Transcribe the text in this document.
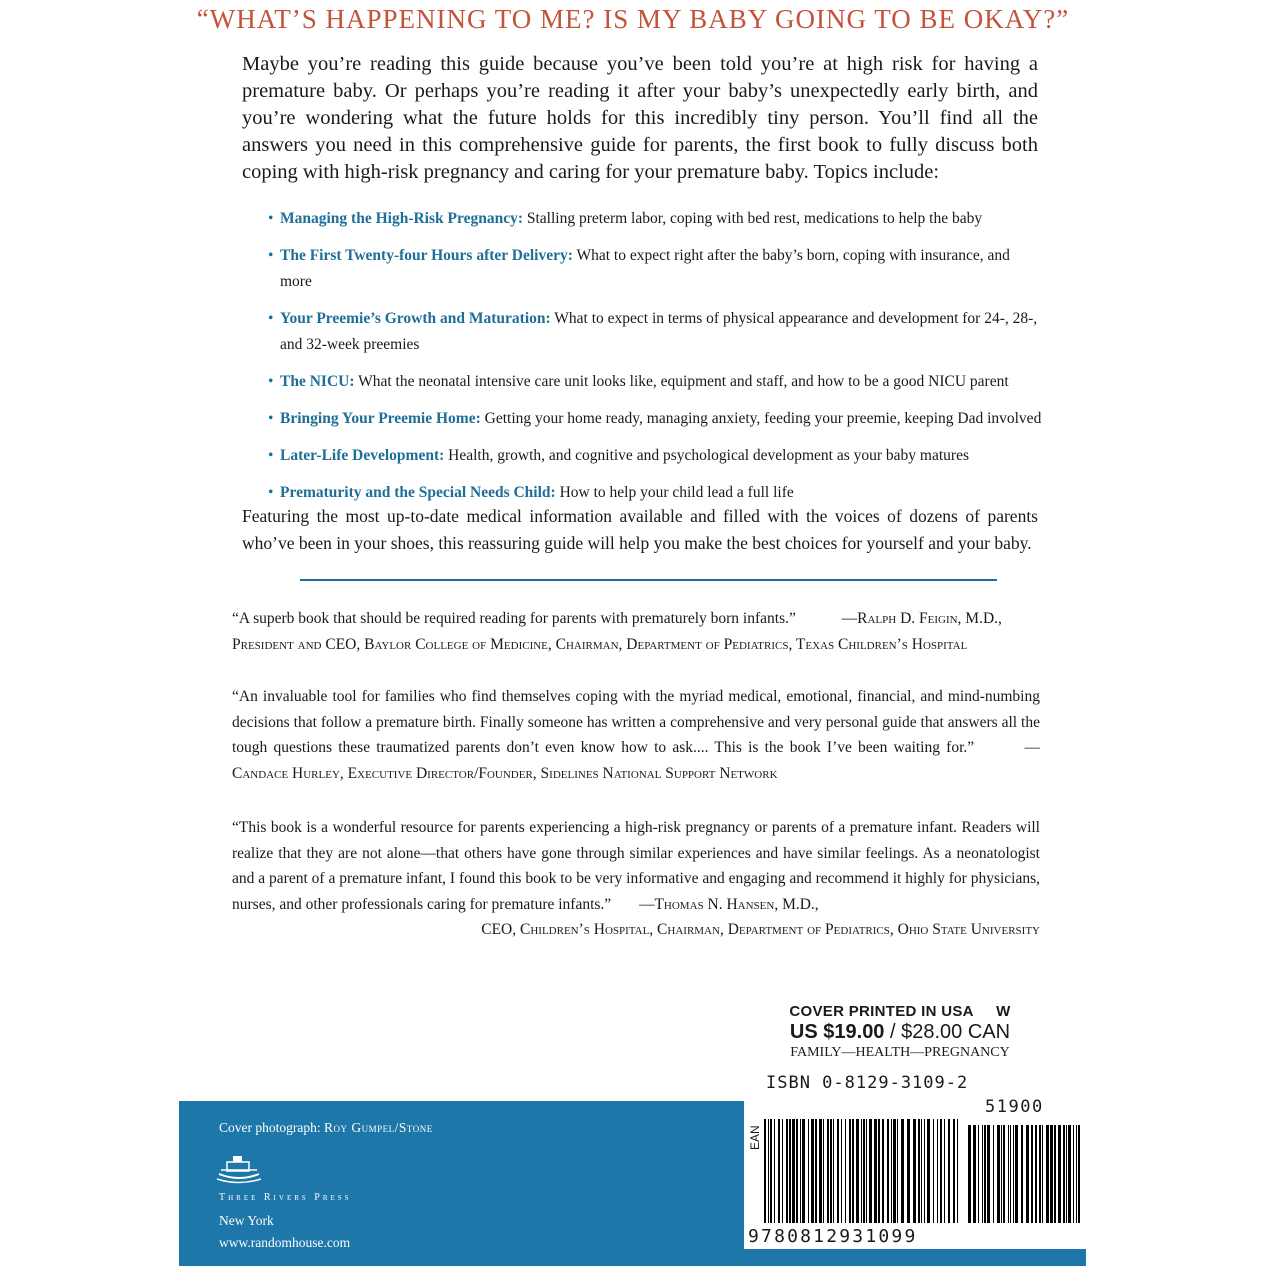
“WHAT’S HAPPENING TO ME? IS MY BABY GOING TO BE OKAY?”
Maybe you’re reading this guide because you’ve been told you’re at high risk for having a premature baby. Or perhaps you’re reading it after your baby’s unexpectedly early birth, and you’re wondering what the future holds for this incredibly tiny person. You’ll find all the answers you need in this comprehensive guide for parents, the first book to fully discuss both coping with high-risk pregnancy and caring for your premature baby. Topics include:
• Managing the High-Risk Pregnancy: Stalling preterm labor, coping with bed rest, medications to help the baby
• The First Twenty-four Hours after Delivery: What to expect right after the baby’s born, coping with insurance, and more
• Your Preemie’s Growth and Maturation: What to expect in terms of physical appearance and development for 24-, 28-, and 32-week preemies
• The NICU: What the neonatal intensive care unit looks like, equipment and staff, and how to be a good NICU parent
• Bringing Your Preemie Home: Getting your home ready, managing anxiety, feeding your preemie, keeping Dad involved
• Later-Life Development: Health, growth, and cognitive and psychological development as your baby matures
• Prematurity and the Special Needs Child: How to help your child lead a full life
Featuring the most up-to-date medical information available and filled with the voices of dozens of parents who’ve been in your shoes, this reassuring guide will help you make the best choices for yourself and your baby.
“A superb book that should be required reading for parents with prematurely born infants.”	—Ralph D. Feigin, M.D.,
President and CEO, Baylor College of Medicine, Chairman, Department of Pediatrics, Texas Children’s Hospital
“An invaluable tool for families who find themselves coping with the myriad medical, emotional, financial, and mind-numbing decisions that follow a premature birth. Finally someone has written a comprehensive and very personal guide that answers all the tough questions these traumatized parents don’t even know how to ask.... This is the book I’ve been waiting for.”	—Candace Hurley, Executive Director/Founder, Sidelines National Support Network
“This book is a wonderful resource for parents experiencing a high-risk pregnancy or parents of a premature infant. Readers will realize that they are not alone—that others have gone through similar experiences and have similar feelings. As a neonatologist and a parent of a premature infant, I found this book to be very informative and engaging and recommend it highly for physicians, nurses, and other professionals caring for premature infants.” —Thomas N. Hansen, M.D.,
CEO, Children’s Hospital, Chairman, Department of Pediatrics, Ohio State University
COVER PRINTED IN USA W
US $19.00 / $28.00 CAN
FAMILY—HEALTH—PREGNANCY
ISBN 0-8129-3109-2
Cover photograph: Roy Gumpel/Stone
Three Rivers Press
New York
www.randomhouse.com
EAN
9780812931099
51900
